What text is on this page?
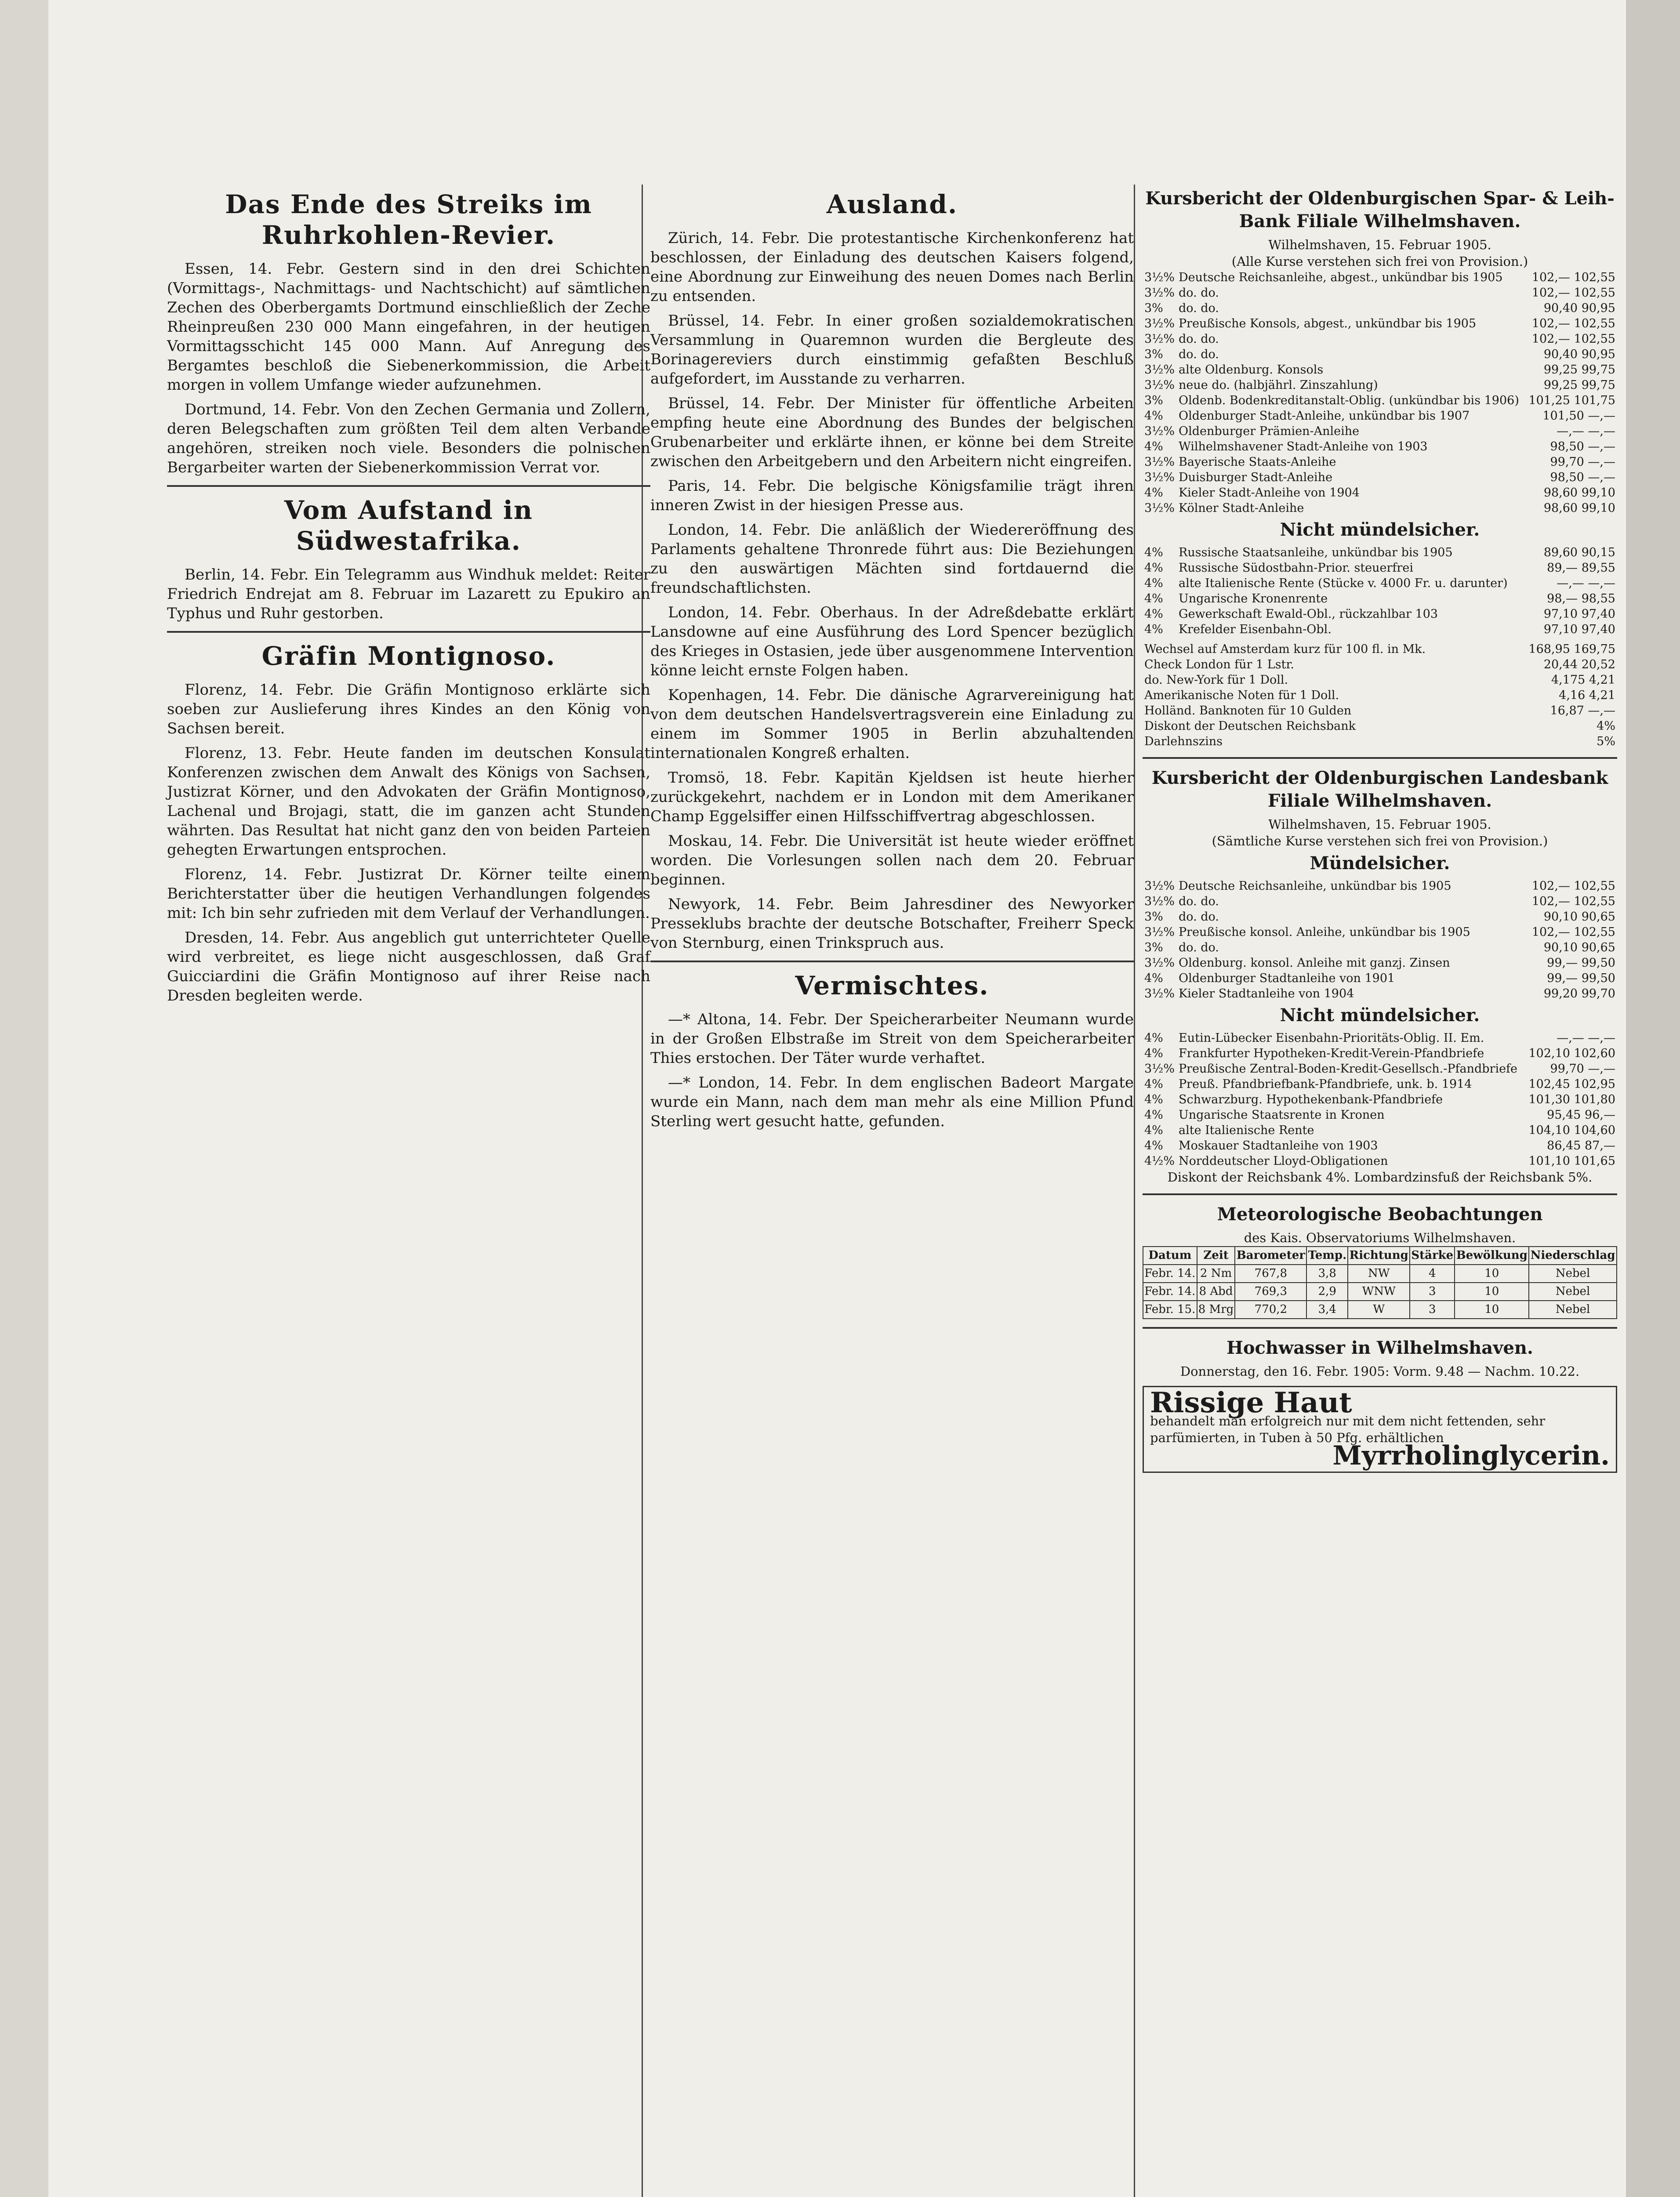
Das Ende des Streiks im Ruhrkohlen-Revier.

Essen, 14. Febr. Gestern sind in den drei Schichten (Vormittags-, Nachmittags- und Nachtschicht) auf sämtlichen Zechen des Oberbergamts Dortmund einschließlich der Zeche Rheinpreußen 230 000 Mann eingefahren, in der heutigen Vormittagsschicht 145 000 Mann. Auf Anregung des Bergamtes beschloß die Siebenerkommission, die Arbeit morgen in vollem Umfange wieder aufzunehmen.

Dortmund, 14. Febr. Von den Zechen Germania und Zollern, deren Belegschaften zum größten Teil dem alten Verbande angehören, streiken noch viele. Besonders die polnischen Bergarbeiter warten der Siebenerkommission Verrat vor.

Vom Aufstand in Südwestafrika.

Berlin, 14. Febr. Ein Telegramm aus Windhuk meldet: Reiter Friedrich Endrejat am 8. Februar im Lazarett zu Epukiro an Typhus und Ruhr gestorben.

Gräfin Montignoso.

Florenz, 14. Febr. Die Gräfin Montignoso erklärte sich soeben zur Auslieferung ihres Kindes an den König von Sachsen bereit.

Florenz, 13. Febr. Heute fanden im deutschen Konsulat Konferenzen zwischen dem Anwalt des Königs von Sachsen, Justizrat Körner, und den Advokaten der Gräfin Montignoso, Lachenal und Brojagi, statt, die im ganzen acht Stunden währten. Das Resultat hat nicht ganz den von beiden Parteien gehegten Erwartungen entsprochen.

Florenz, 14. Febr. Justizrat Dr. Körner teilte einem Berichterstatter über die heutigen Verhandlungen folgendes mit: Ich bin sehr zufrieden mit dem Verlauf der Verhandlungen.

Dresden, 14. Febr. Aus angeblich gut unterrichteter Quelle wird verbreitet, es liege nicht ausgeschlossen, daß Graf Guicciardini die Gräfin Montignoso auf ihrer Reise nach Dresden begleiten werde.

Ausland.

Zürich, 14. Febr. Die protestantische Kirchenkonferenz hat beschlossen, der Einladung des deutschen Kaisers folgend, eine Abordnung zur Einweihung des neuen Domes nach Berlin zu entsenden.

Brüssel, 14. Febr. In einer großen sozialdemokratischen Versammlung in Quaremnon wurden die Bergleute des Borinagereviers durch einstimmig gefaßten Beschluß aufgefordert, im Ausstande zu verharren.

Brüssel, 14. Febr. Der Minister für öffentliche Arbeiten empfing heute eine Abordnung des Bundes der belgischen Grubenarbeiter und erklärte ihnen, er könne bei dem Streite zwischen den Arbeitgebern und den Arbeitern nicht eingreifen.

Paris, 14. Febr. Die belgische Königsfamilie trägt ihren inneren Zwist in der hiesigen Presse aus.

London, 14. Febr. Die anläßlich der Wiedereröffnung des Parlaments gehaltene Thronrede führt aus: Die Beziehungen zu den auswärtigen Mächten sind fortdauernd die freundschaftlichsten.

London, 14. Febr. Oberhaus. In der Adreßdebatte erklärt Lansdowne auf eine Ausführung des Lord Spencer bezüglich des Krieges in Ostasien, jede über ausgenommene Intervention könne leicht ernste Folgen haben.

Kopenhagen, 14. Febr. Die dänische Agrarvereinigung hat von dem deutschen Handelsvertragsverein eine Einladung zu einem im Sommer 1905 in Berlin abzuhaltenden internationalen Kongreß erhalten.

Tromsö, 18. Febr. Kapitän Kjeldsen ist heute hierher zurückgekehrt, nachdem er in London mit dem Amerikaner Champ Eggelsiffer einen Hilfsschiffvertrag abgeschlossen.

Moskau, 14. Febr. Die Universität ist heute wieder eröffnet worden. Die Vorlesungen sollen nach dem 20. Februar beginnen.

Newyork, 14. Febr. Beim Jahresdiner des Newyorker Presseklubs brachte der deutsche Botschafter, Freiherr Speck von Sternburg, einen Trinkspruch aus.

Vermischtes.

—* Altona, 14. Febr. Der Speicherarbeiter Neumann wurde in der Großen Elbstraße im Streit von dem Speicherarbeiter Thies erstochen. Der Täter wurde verhaftet.

—* London, 14. Febr. In dem englischen Badeort Margate wurde ein Mann, nach dem man mehr als eine Million Pfund Sterling wert gesucht hatte, gefunden.

Kursbericht der Oldenburgischen Spar- & Leih-Bank Filiale Wilhelmshaven.
Wilhelmshaven, 15. Februar 1905.
(Alle Kurse verstehen sich frei von Provision.)
3½%	Deutsche Reichsanleihe, abgest., unkündbar bis 1905	102,— 102,55
3½%	do. do.	102,— 102,55
3%	do. do.	90,40 90,95
3½%	Preußische Konsols, abgest., unkündbar bis 1905	102,— 102,55
3½%	do. do.	102,— 102,55
3%	do. do.	90,40 90,95
3½%	alte Oldenburg. Konsols	99,25 99,75
3½%	neue do. (halbjährl. Zinszahlung)	99,25 99,75
3%	Oldenb. Bodenkreditanstalt-Oblig. (unkündbar bis 1906)	101,25 101,75
4%	Oldenburger Stadt-Anleihe, unkündbar bis 1907	101,50 —,—
3½%	Oldenburger Prämien-Anleihe	—,— —,—
4%	Wilhelmshavener Stadt-Anleihe von 1903	98,50 —,—
3½%	Bayerische Staats-Anleihe	99,70 —,—
3½%	Duisburger Stadt-Anleihe	98,50 —,—
4%	Kieler Stadt-Anleihe von 1904	98,60 99,10
3½%	Kölner Stadt-Anleihe	98,60 99,10
Nicht mündelsicher.
4%	Russische Staatsanleihe, unkündbar bis 1905	89,60 90,15
4%	Russische Südostbahn-Prior. steuerfrei	89,— 89,55
4%	alte Italienische Rente (Stücke v. 4000 Fr. u. darunter)	—,— —,—
4%	Ungarische Kronenrente	98,— 98,55
4%	Gewerkschaft Ewald-Obl., rückzahlbar 103	97,10 97,40
4%	Krefelder Eisenbahn-Obl.	97,10 97,40
Wechsel auf Amsterdam kurz für 100 fl. in Mk.	168,95 169,75
Check London für 1 Lstr.	20,44 20,52
do. New-York für 1 Doll.	4,175 4,21
Amerikanische Noten für 1 Doll.	4,16 4,21
Holländ. Banknoten für 10 Gulden	16,87 —,—
Diskont der Deutschen Reichsbank	4%
Darlehnszins	5%
Kursbericht der Oldenburgischen Landesbank Filiale Wilhelmshaven.
Wilhelmshaven, 15. Februar 1905.
(Sämtliche Kurse verstehen sich frei von Provision.)
Mündelsicher.
3½%	Deutsche Reichsanleihe, unkündbar bis 1905	102,— 102,55
3½%	do. do.	102,— 102,55
3%	do. do.	90,10 90,65
3½%	Preußische konsol. Anleihe, unkündbar bis 1905	102,— 102,55
3%	do. do.	90,10 90,65
3½%	Oldenburg. konsol. Anleihe mit ganzj. Zinsen	99,— 99,50
4%	Oldenburger Stadtanleihe von 1901	99,— 99,50
3½%	Kieler Stadtanleihe von 1904	99,20 99,70
Nicht mündelsicher.
4%	Eutin-Lübecker Eisenbahn-Prioritäts-Oblig. II. Em.	—,— —,—
4%	Frankfurter Hypotheken-Kredit-Verein-Pfandbriefe	102,10 102,60
3½%	Preußische Zentral-Boden-Kredit-Gesellsch.-Pfandbriefe	99,70 —,—
4%	Preuß. Pfandbriefbank-Pfandbriefe, unk. b. 1914	102,45 102,95
4%	Schwarzburg. Hypothekenbank-Pfandbriefe	101,30 101,80
4%	Ungarische Staatsrente in Kronen	95,45 96,—
4%	alte Italienische Rente	104,10 104,60
4%	Moskauer Stadtanleihe von 1903	86,45 87,—
4½%	Norddeutscher Lloyd-Obligationen	101,10 101,65
Diskont der Reichsbank 4%. Lombardzinsfuß der Reichsbank 5%.
Meteorologische Beobachtungen
des Kais. Observatoriums Wilhelmshaven.
Datum	Zeit	Barometer	Temp.	Richtung	Stärke	Bewölkung	Niederschlag
Febr. 14.	2 Nm	767,8	3,8	NW	4	10	Nebel
Febr. 14.	8 Abd	769,3	2,9	WNW	3	10	Nebel
Febr. 15.	8 Mrg	770,2	3,4	W	3	10	Nebel
Hochwasser in Wilhelmshaven.
Donnerstag, den 16. Febr. 1905: Vorm. 9.48 — Nachm. 10.22.
Rissige Haut
behandelt man erfolgreich nur mit dem nicht fettenden, sehr parfümierten, in Tuben à 50 Pfg. erhältlichen
Myrrholinglycerin.
